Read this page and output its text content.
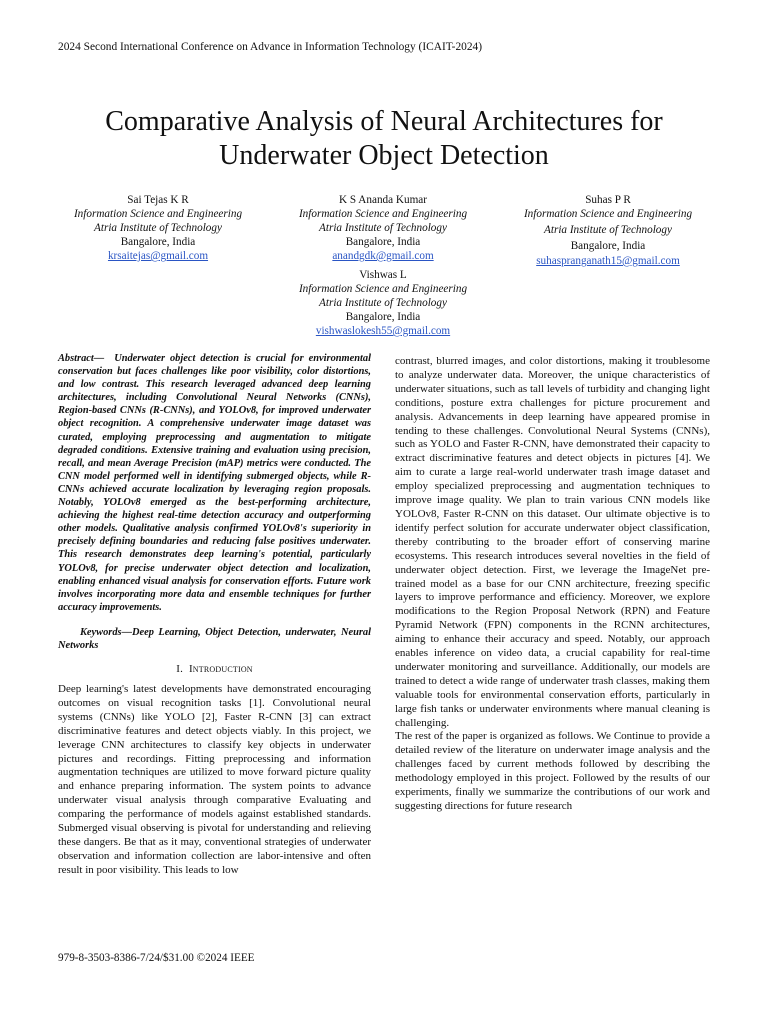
2024 Second International Conference on Advance in Information Technology (ICAIT-2024)
Comparative Analysis of Neural Architectures for
Underwater Object Detection
Sai Tejas K R
Information Science and Engineering
Atria Institute of Technology
Bangalore, India
krsaitejas@gmail.com
K S Ananda Kumar
Information Science and Engineering
Atria Institute of Technology
Bangalore, India
anandgdk@gmail.com
Suhas P R
Information Science and Engineering
Atria Institute of Technology
Bangalore, India
suhaspranganath15@gmail.com
Vishwas L
Information Science and Engineering
Atria Institute of Technology
Bangalore, India
vishwaslokesh55@gmail.com

Abstract— Underwater object detection is crucial for environmental conservation but faces challenges like poor visibility, color distortions, and low contrast. This research leveraged advanced deep learning architectures, including Convolutional Neural Networks (CNNs), Region-based CNNs (R-CNNs), and YOLOv8, for improved underwater object recognition. A comprehensive underwater image dataset was curated, employing preprocessing and augmentation to mitigate degraded conditions. Extensive training and evaluation using precision, recall, and mean Average Precision (mAP) metrics were conducted. The CNN model performed well in identifying submerged objects, while R-CNNs achieved accurate localization by leveraging region proposals. Notably, YOLOv8 emerged as the best-performing architecture, achieving the highest real-time detection accuracy and outperforming other models. Qualitative analysis confirmed YOLOv8's superiority in precisely defining boundaries and reducing false positives underwater. This research demonstrates deep learning's potential, particularly YOLOv8, for precise underwater object detection and localization, enabling enhanced visual analysis for conservation efforts. Future work involves incorporating more data and ensemble techniques for further accuracy improvements.

Keywords—Deep Learning, Object Detection, underwater, Neural Networks

I. Introduction

Deep learning's latest developments have demonstrated encouraging outcomes on visual recognition tasks [1]. Convolutional neural systems (CNNs) like YOLO [2], Faster R-CNN [3] can extract discriminative features and detect objects viably. In this project, we leverage CNN architectures to classify key objects in underwater pictures and recordings. Fitting preprocessing and information augmentation techniques are utilized to move forward picture quality and enhance preparing information. The system points to advance underwater visual analysis through comparative Evaluating and comparing the performance of models against established standards. Submerged visual observing is pivotal for understanding and relieving these dangers. Be that as it may, conventional strategies of underwater observation and information collection are labor-intensive and often result in poor visibility. This leads to low

contrast, blurred images, and color distortions, making it troublesome to analyze underwater data. Moreover, the unique characteristics of underwater situations, such as tall levels of turbidity and changing light conditions, posture extra challenges for picture procurement and analysis. Advancements in deep learning have appeared promise in tending to these challenges. Convolutional Neural Systems (CNNs), such as YOLO and Faster R-CNN, have demonstrated their capacity to extract discriminative features and detect objects in pictures [4]. We aim to curate a large real-world underwater trash image dataset and employ specialized preprocessing and augmentation techniques to improve image quality. We plan to train various CNN models like YOLOv8, Faster R-CNN on this dataset. Our ultimate objective is to identify perfect solution for accurate underwater object classification, thereby contributing to the broader effort of conserving marine ecosystems. This research introduces several novelties in the field of underwater object detection. First, we leverage the ImageNet pre-trained model as a base for our CNN architecture, freezing specific layers to improve performance and efficiency. Moreover, we explore modifications to the Region Proposal Network (RPN) and Feature Pyramid Network (FPN) components in the RCNN architectures, aiming to enhance their accuracy and speed. Notably, our approach enables inference on video data, a crucial capability for real-time underwater monitoring and surveillance. Additionally, our models are trained to detect a wide range of underwater trash classes, making them valuable tools for environmental conservation efforts, particularly in large fish tanks or underwater environments where manual cleaning is challenging.

The rest of the paper is organized as follows. We Continue to provide a detailed review of the literature on underwater image analysis and the challenges faced by current methods followed by describing the methodology employed in this project. Followed by the results of our experiments, finally we summarize the contributions of our work and suggesting directions for future research

979-8-3503-8386-7/24/$31.00 ©2024 IEEE
